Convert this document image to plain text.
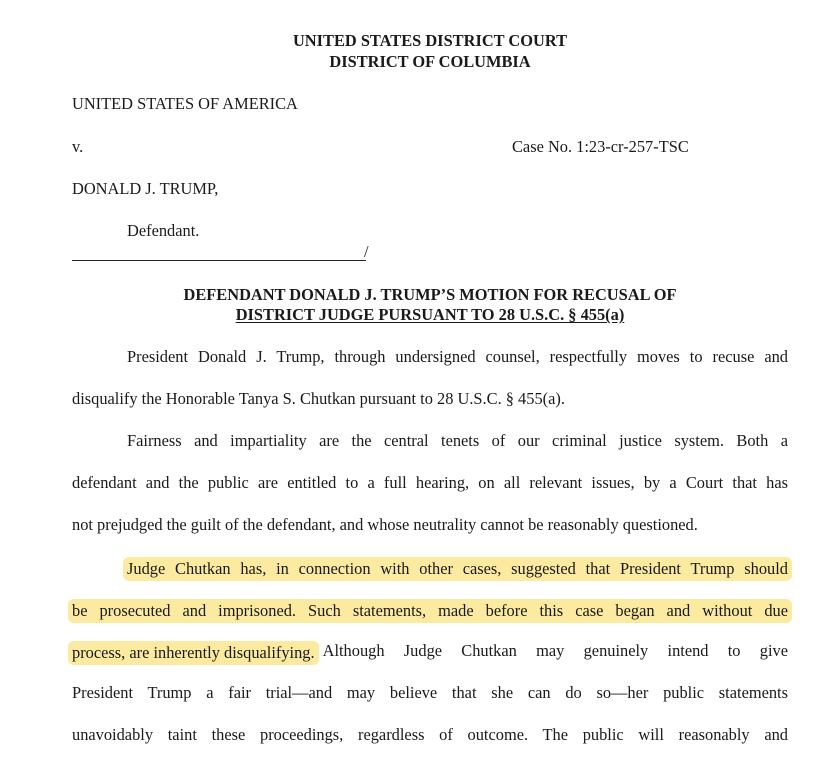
UNITED STATES DISTRICT COURT
DISTRICT OF COLUMBIA
UNITED STATES OF AMERICA
v.	Case No. 1:23-cr-257-TSC
DONALD J. TRUMP,
Defendant.
/
DEFENDANT DONALD J. TRUMP’S MOTION FOR RECUSAL OF
DISTRICT JUDGE PURSUANT TO 28 U.S.C. § 455(a)
President Donald J. Trump, through undersigned counsel, respectfully moves to recuse and
disqualify the Honorable Tanya S. Chutkan pursuant to 28 U.S.C. § 455(a).
Fairness and impartiality are the central tenets of our criminal justice system. Both a
defendant and the public are entitled to a full hearing, on all relevant issues, by a Court that has
not prejudged the guilt of the defendant, and whose neutrality cannot be reasonably questioned.
Judge Chutkan has, in connection with other cases, suggested that President Trump should
be prosecuted and imprisoned. Such statements, made before this case began and without due
process, are inherently disqualifying. Although Judge Chutkan may genuinely intend to give
President Trump a fair trial—and may believe that she can do so—her public statements
unavoidably taint these proceedings, regardless of outcome. The public will reasonably and
